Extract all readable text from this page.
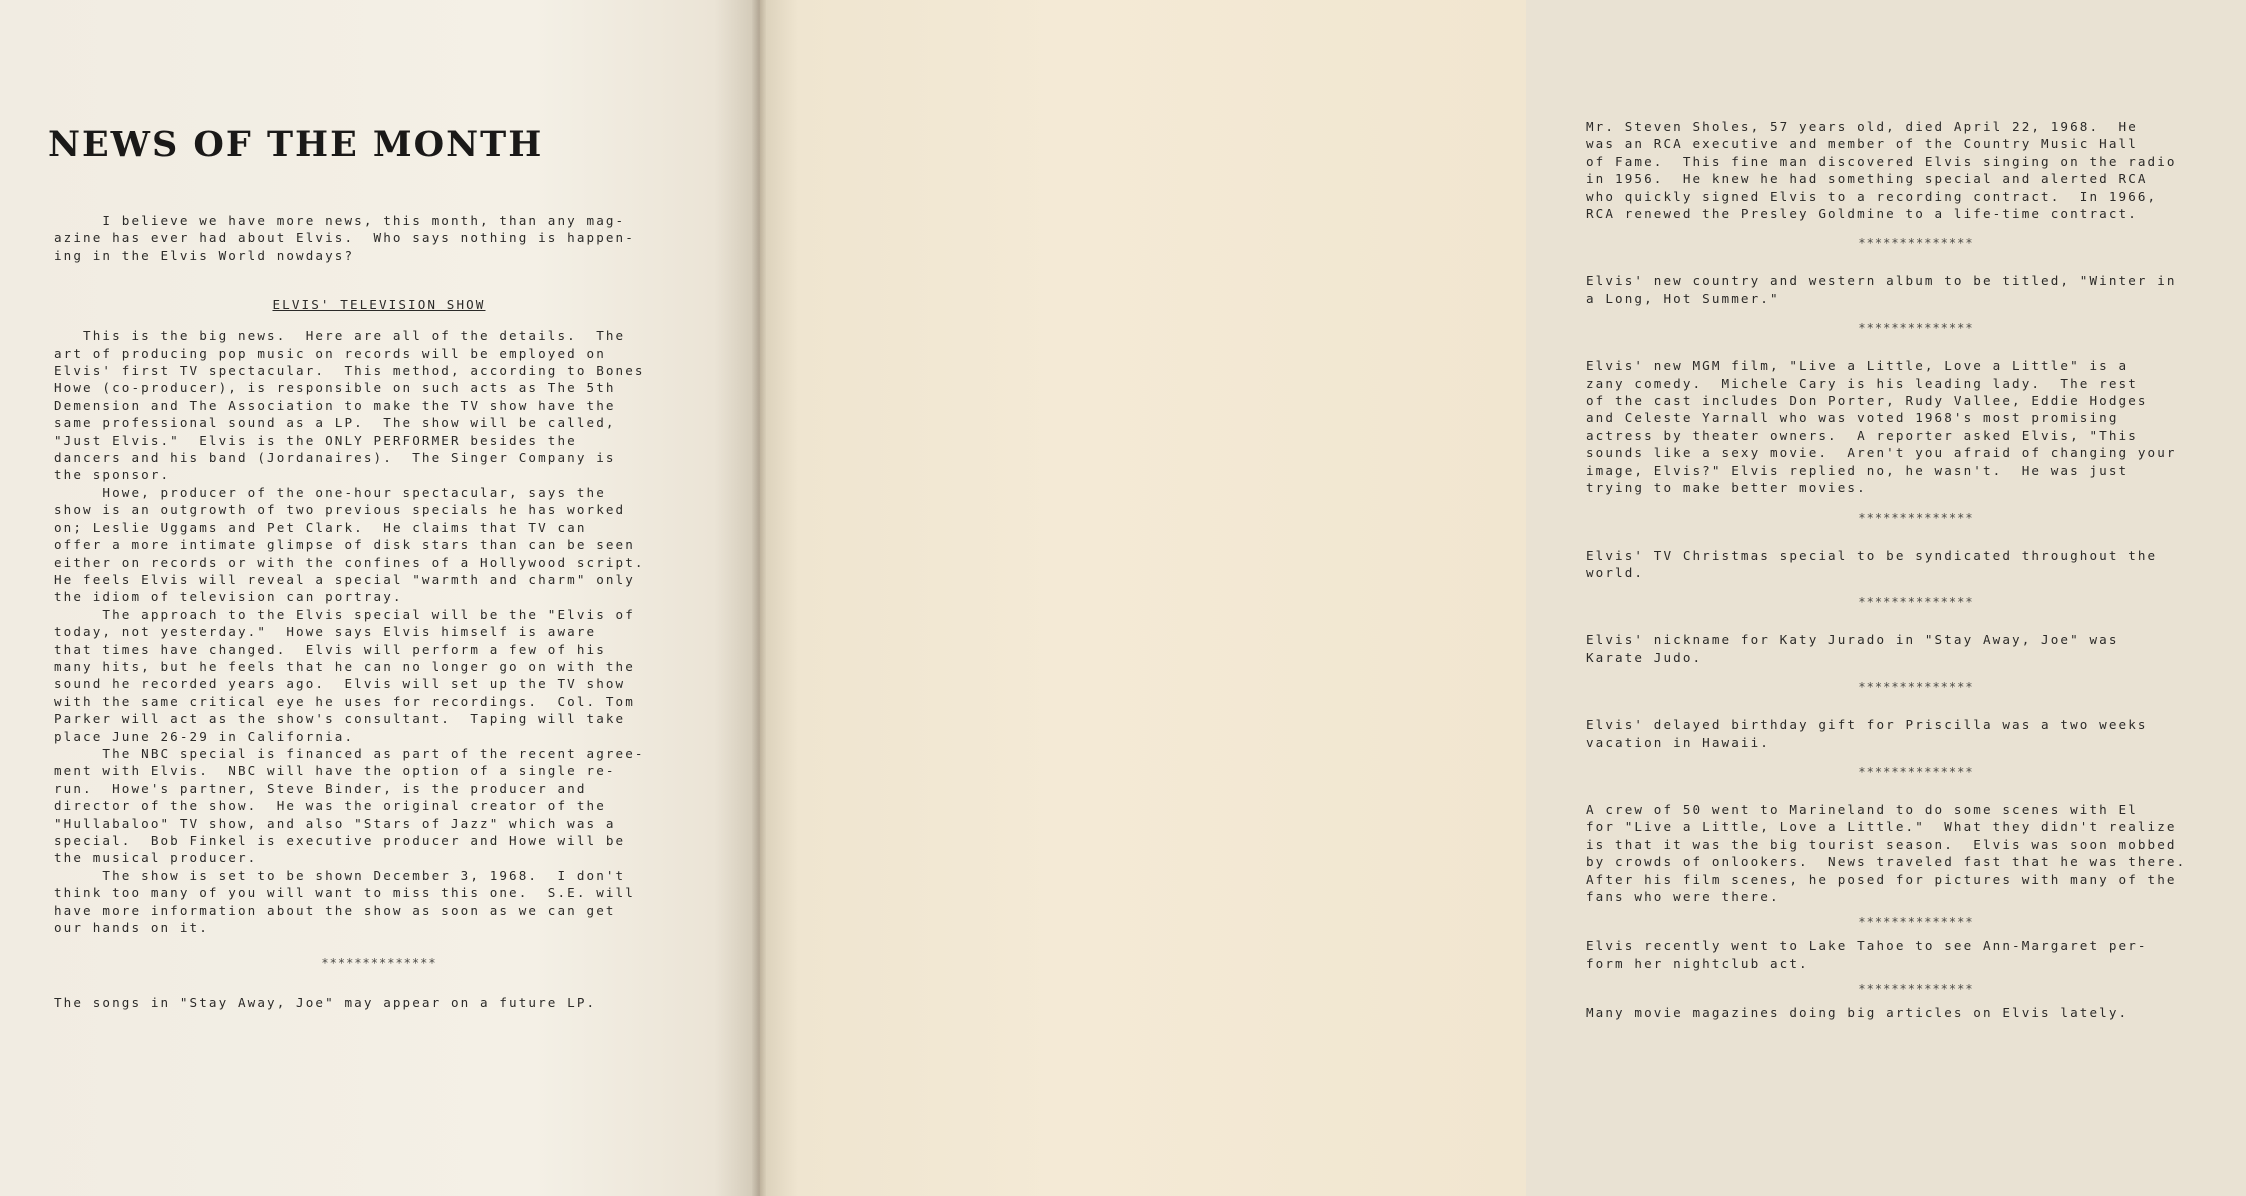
NEWS OF THE MONTH

I believe we have more news, this month, than any mag-

azine has ever had about Elvis.  Who says nothing is happen-

ing in the Elvis World nowdays?

ELVIS' TELEVISION SHOW

This is the big news.  Here are all of the details.  The

art of producing pop music on records will be employed on

Elvis' first TV spectacular.  This method, according to Bones

Howe (co-producer), is responsible on such acts as The 5th

Demension and The Association to make the TV show have the

same professional sound as a LP.  The show will be called,

"Just Elvis."  Elvis is the ONLY PERFORMER besides the

dancers and his band (Jordanaires).  The Singer Company is

the sponsor.

Howe, producer of the one-hour spectacular, says the

show is an outgrowth of two previous specials he has worked

on; Leslie Uggams and Pet Clark.  He claims that TV can

offer a more intimate glimpse of disk stars than can be seen

either on records or with the confines of a Hollywood script.

He feels Elvis will reveal a special "warmth and charm" only

the idiom of television can portray.

The approach to the Elvis special will be the "Elvis of

today, not yesterday."  Howe says Elvis himself is aware

that times have changed.  Elvis will perform a few of his

many hits, but he feels that he can no longer go on with the

sound he recorded years ago.  Elvis will set up the TV show

with the same critical eye he uses for recordings.  Col. Tom

Parker will act as the show's consultant.  Taping will take

place June 26-29 in California.

The NBC special is financed as part of the recent agree-

ment with Elvis.  NBC will have the option of a single re-

run.  Howe's partner, Steve Binder, is the producer and

director of the show.  He was the original creator of the

"Hullabaloo" TV show, and also "Stars of Jazz" which was a

special.  Bob Finkel is executive producer and Howe will be

the musical producer.

The show is set to be shown December 3, 1968.  I don't

think too many of you will want to miss this one.  S.E. will

have more information about the show as soon as we can get

our hands on it.

**************

The songs in "Stay Away, Joe" may appear on a future LP.

Mr. Steven Sholes, 57 years old, died April 22, 1968.  He

was an RCA executive and member of the Country Music Hall

of Fame.  This fine man discovered Elvis singing on the radio

in 1956.  He knew he had something special and alerted RCA

who quickly signed Elvis to a recording contract.  In 1966,

RCA renewed the Presley Goldmine to a life-time contract.

**************

Elvis' new country and western album to be titled, "Winter in

a Long, Hot Summer."

**************

Elvis' new MGM film, "Live a Little, Love a Little" is a

zany comedy.  Michele Cary is his leading lady.  The rest

of the cast includes Don Porter, Rudy Vallee, Eddie Hodges

and Celeste Yarnall who was voted 1968's most promising

actress by theater owners.  A reporter asked Elvis, "This

sounds like a sexy movie.  Aren't you afraid of changing your

image, Elvis?" Elvis replied no, he wasn't.  He was just

trying to make better movies.

**************

Elvis' TV Christmas special to be syndicated throughout the

world.

**************

Elvis' nickname for Katy Jurado in "Stay Away, Joe" was

Karate Judo.

**************

Elvis' delayed birthday gift for Priscilla was a two weeks

vacation in Hawaii.

**************

A crew of 50 went to Marineland to do some scenes with El

for "Live a Little, Love a Little."  What they didn't realize

is that it was the big tourist season.  Elvis was soon mobbed

by crowds of onlookers.  News traveled fast that he was there.

After his film scenes, he posed for pictures with many of the

fans who were there.

**************

Elvis recently went to Lake Tahoe to see Ann-Margaret per-

form her nightclub act.

**************

Many movie magazines doing big articles on Elvis lately.
